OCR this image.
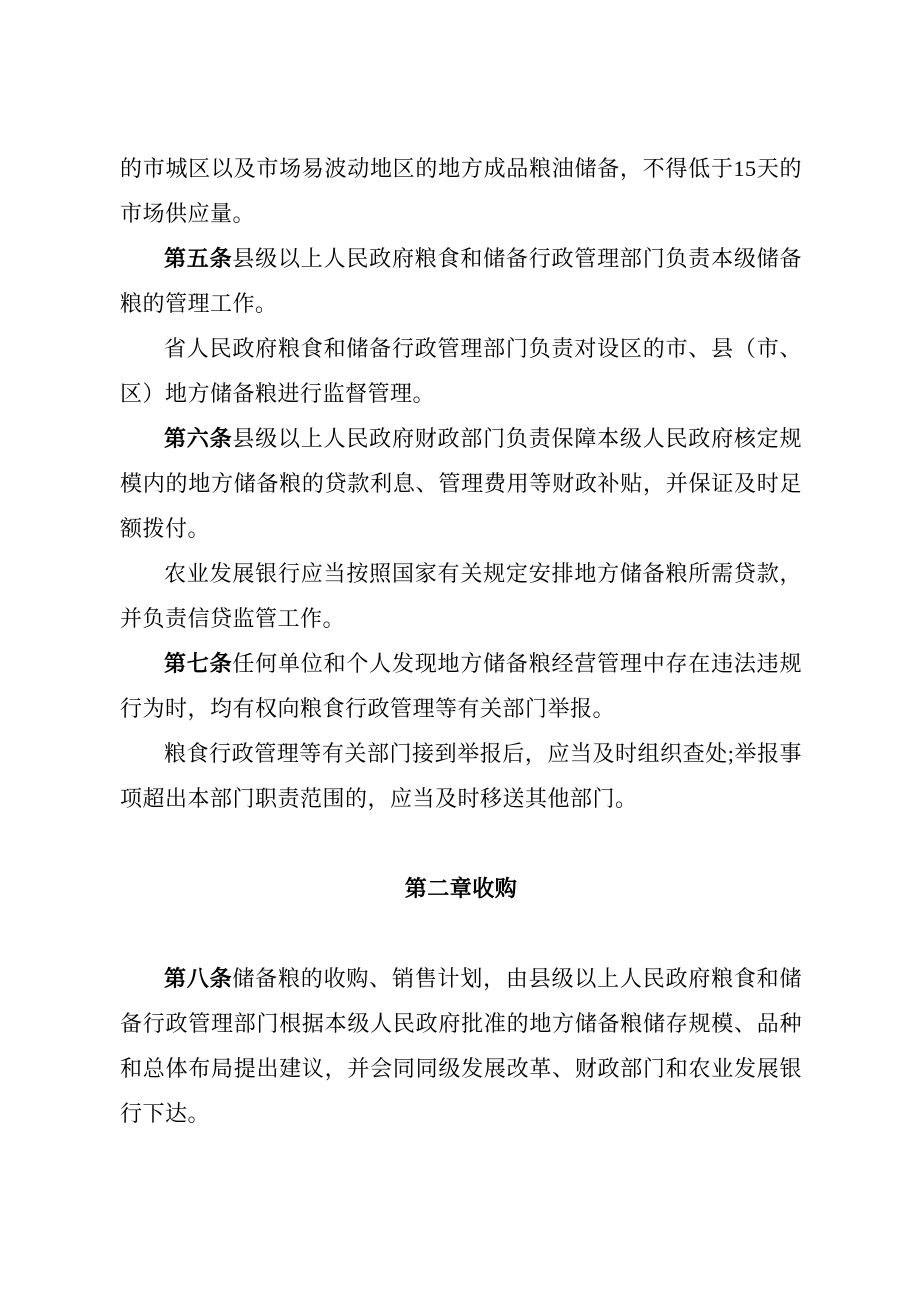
的市城区以及市场易波动地区的地方成品粮油储备，不得低于15天的市场供应量。

第五条县级以上人民政府粮食和储备行政管理部门负责本级储备粮的管理工作。

省人民政府粮食和储备行政管理部门负责对设区的市、县（市、区）地方储备粮进行监督管理。

第六条县级以上人民政府财政部门负责保障本级人民政府核定规模内的地方储备粮的贷款利息、管理费用等财政补贴，并保证及时足额拨付。

农业发展银行应当按照国家有关规定安排地方储备粮所需贷款，并负责信贷监管工作。

第七条任何单位和个人发现地方储备粮经营管理中存在违法违规行为时，均有权向粮食行政管理等有关部门举报。

粮食行政管理等有关部门接到举报后，应当及时组织查处;举报事项超出本部门职责范围的，应当及时移送其他部门。

第二章收购

第八条储备粮的收购、销售计划，由县级以上人民政府粮食和储备行政管理部门根据本级人民政府批准的地方储备粮储存规模、品种和总体布局提出建议，并会同同级发展改革、财政部门和农业发展银行下达。
